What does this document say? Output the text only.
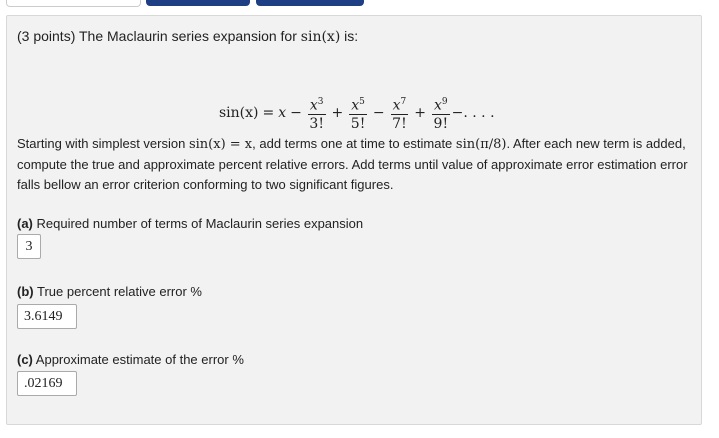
(3 points) The Maclaurin series expansion for sin(x) is:
$\sin(x) = x - \frac{x^3}{3!} + \frac{x^5}{5!} - \frac{x^7}{7!} + \frac{x^9}{9!}$ −. . . .
Starting with simplest version sin(x) = x, add terms one at time to estimate sin(π/8). After each new term is added, compute the true and approximate percent relative errors. Add terms until value of approximate error estimation error falls bellow an error criterion conforming to two significant figures.
(a) Required number of terms of Maclaurin series expansion
3
(b) True percent relative error %
3.6149
(c) Approximate estimate of the error %
.02169
